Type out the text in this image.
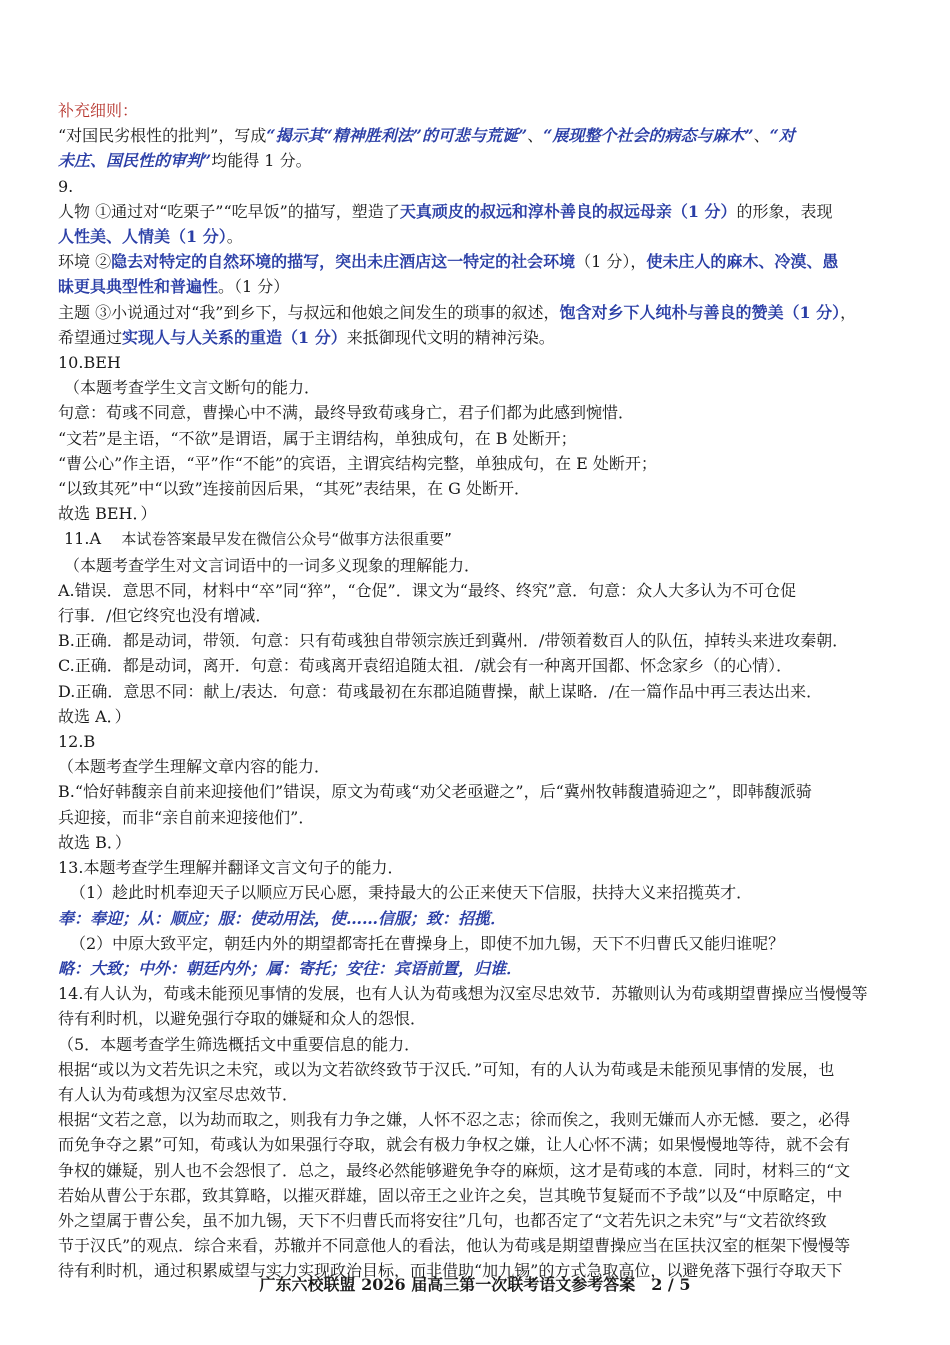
补充细则：
“对国民劣根性的批判”，写成“揭示其“精神胜利法”的可悲与荒诞”、“展现整个社会的病态与麻木”、“对
未庄、国民性的审判”均能得 1 分。
9.
人物 ①通过对“吃栗子”“吃早饭”的描写，塑造了天真顽皮的叔远和淳朴善良的叔远母亲（1 分）的形象，表现
人性美、人情美（1 分）。
环境 ②隐去对特定的自然环境的描写，突出未庄酒店这一特定的社会环境（1 分），使未庄人的麻木、冷漠、愚
昧更具典型性和普遍性。（1 分）
主题 ③小说通过对“我”到乡下，与叔远和他娘之间发生的琐事的叙述，饱含对乡下人纯朴与善良的赞美（1 分），
希望通过实现人与人关系的重造（1 分）来抵御现代文明的精神污染。
10.BEH
（本题考查学生文言文断句的能力．
句意：荀彧不同意，曹操心中不满，最终导致荀彧身亡，君子们都为此感到惋惜．
“文若”是主语，“不欲”是谓语，属于主谓结构，单独成句，在 B 处断开；
“曹公心”作主语，“平”作“不能”的宾语，主谓宾结构完整，单独成句，在 E 处断开；
“以致其死”中“以致”连接前因后果，“其死”表结果，在 G 处断开．
故选 BEH．）
11.A 本试卷答案最早发在微信公众号“做事方法很重要”
（本题考查学生对文言词语中的一词多义现象的理解能力．
A.错误．意思不同，材料中“卒”同“猝”，“仓促”．课文为“最终、终究”意．句意：众人大多认为不可仓促
行事．/但它终究也没有增减．
B.正确．都是动词，带领．句意：只有荀彧独自带领宗族迁到冀州．/带领着数百人的队伍，掉转头来进攻秦朝．
C.正确．都是动词，离开．句意：荀彧离开袁绍追随太祖．/就会有一种离开国都、怀念家乡（的心情）．
D.正确．意思不同：献上/表达．句意：荀彧最初在东郡追随曹操，献上谋略．/在一篇作品中再三表达出来．
故选 A．）
12.B
（本题考查学生理解文章内容的能力．
B.“恰好韩馥亲自前来迎接他们”错误，原文为荀彧“劝父老亟避之”，后“冀州牧韩馥遣骑迎之”，即韩馥派骑
兵迎接，而非“亲自前来迎接他们”．
故选 B．）
13.本题考查学生理解并翻译文言文句子的能力．
（1）趁此时机奉迎天子以顺应万民心愿，秉持最大的公正来使天下信服，扶持大义来招揽英才．
奉：奉迎；从：顺应；服：使动用法，使……信服；致：招揽．
（2）中原大致平定，朝廷内外的期望都寄托在曹操身上，即使不加九锡，天下不归曹氏又能归谁呢？
略：大致；中外：朝廷内外；属：寄托；安往：宾语前置，归谁．
14.有人认为，荀彧未能预见事情的发展，也有人认为荀彧想为汉室尽忠效节．苏辙则认为荀彧期望曹操应当慢慢等
待有利时机，以避免强行夺取的嫌疑和众人的怨恨．
（5．本题考查学生筛选概括文中重要信息的能力．
根据“或以为文若先识之未究，或以为文若欲终致节于汉氏．”可知，有的人认为荀彧是未能预见事情的发展，也
有人认为荀彧想为汉室尽忠效节．
根据“文若之意，以为劫而取之，则我有力争之嫌，人怀不忍之志；徐而俟之，我则无嫌而人亦无憾．要之，必得
而免争夺之累”可知，荀彧认为如果强行夺取，就会有极力争权之嫌，让人心怀不满；如果慢慢地等待，就不会有
争权的嫌疑，别人也不会怨恨了．总之，最终必然能够避免争夺的麻烦，这才是荀彧的本意．同时，材料三的“文
若始从曹公于东郡，致其算略，以摧灭群雄，固以帝王之业许之矣，岂其晚节复疑而不予哉”以及“中原略定，中
外之望属于曹公矣，虽不加九锡，天下不归曹氏而将安往”几句，也都否定了“文若先识之未究”与“文若欲终致
节于汉氏”的观点．综合来看，苏辙并不同意他人的看法，他认为荀彧是期望曹操应当在匡扶汉室的框架下慢慢等
待有利时机，通过积累威望与实力实现政治目标，而非借助“加九锡”的方式急取高位，以避免落下强行夺取天下
广东六校联盟 2026 届高三第一次联考语文参考答案　2 / 5
